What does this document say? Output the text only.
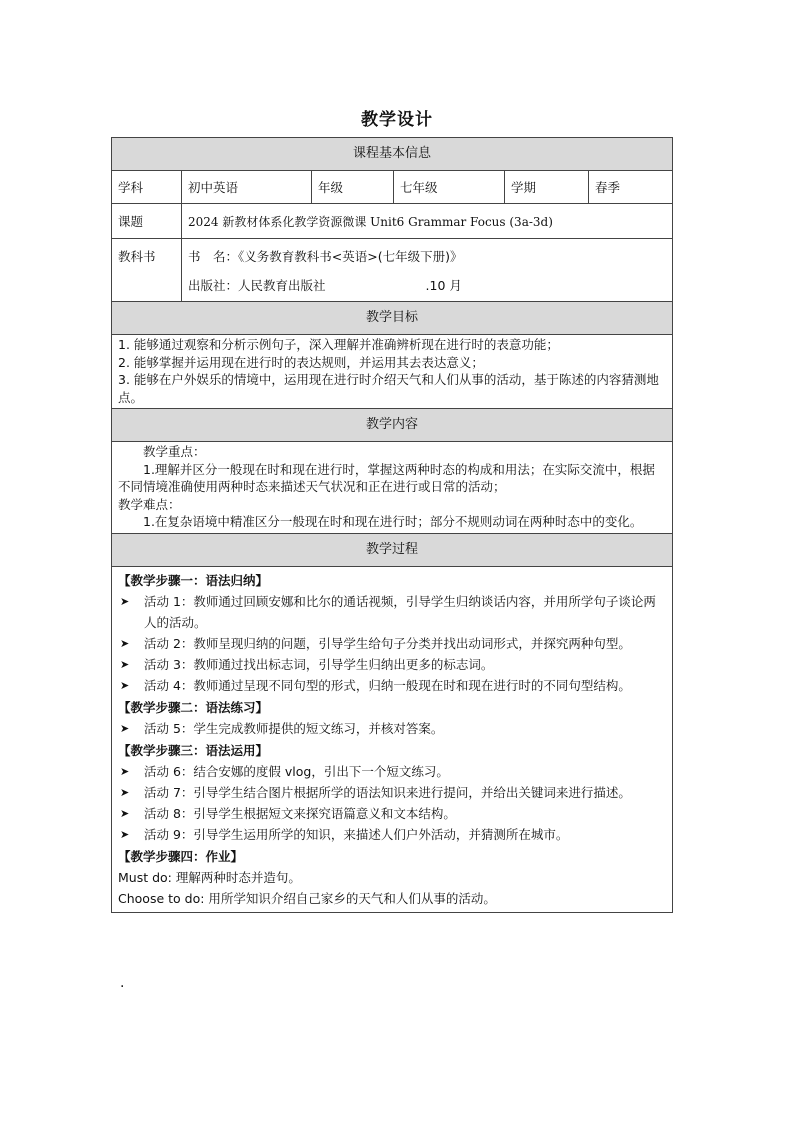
教学设计
课程基本信息
学科	初中英语	年级	七年级	学期	春季
课题	2024 新教材体系化教学资源微课 Unit6 Grammar Focus (3a-3d)
教科书	书　名：《义务教育教科书<英语>(七年级下册)》
出版社：人民教育出版社	.10 月
教学目标
1. 能够通过观察和分析示例句子，深入理解并准确辨析现在进行时的表意功能；
2. 能够掌握并运用现在进行时的表达规则，并运用其去表达意义；
3. 能够在户外娱乐的情境中，运用现在进行时介绍天气和人们从事的活动，基于陈述的内容猜测地点。
教学内容
教学重点：
1.理解并区分一般现在时和现在进行时，掌握这两种时态的构成和用法；在实际交流中，根据不同情境准确使用两种时态来描述天气状况和正在进行或日常的活动；
教学难点：
1.在复杂语境中精准区分一般现在时和现在进行时；部分不规则动词在两种时态中的变化。
教学过程
【教学步骤一：语法归纳】
➤	活动 1：教师通过回顾安娜和比尔的通话视频，引导学生归纳谈话内容，并用所学句子谈论两人的活动。
➤	活动 2：教师呈现归纳的问题，引导学生给句子分类并找出动词形式，并探究两种句型。
➤	活动 3：教师通过找出标志词，引导学生归纳出更多的标志词。
➤	活动 4：教师通过呈现不同句型的形式，归纳一般现在时和现在进行时的不同句型结构。
【教学步骤二：语法练习】
➤	活动 5：学生完成教师提供的短文练习，并核对答案。
【教学步骤三：语法运用】
➤	活动 6：结合安娜的度假 vlog，引出下一个短文练习。
➤	活动 7：引导学生结合图片根据所学的语法知识来进行提问，并给出关键词来进行描述。
➤	活动 8：引导学生根据短文来探究语篇意义和文本结构。
➤	活动 9：引导学生运用所学的知识，来描述人们户外活动，并猜测所在城市。
【教学步骤四：作业】
Must do: 理解两种时态并造句。
Choose to do: 用所学知识介绍自己家乡的天气和人们从事的活动。
.
